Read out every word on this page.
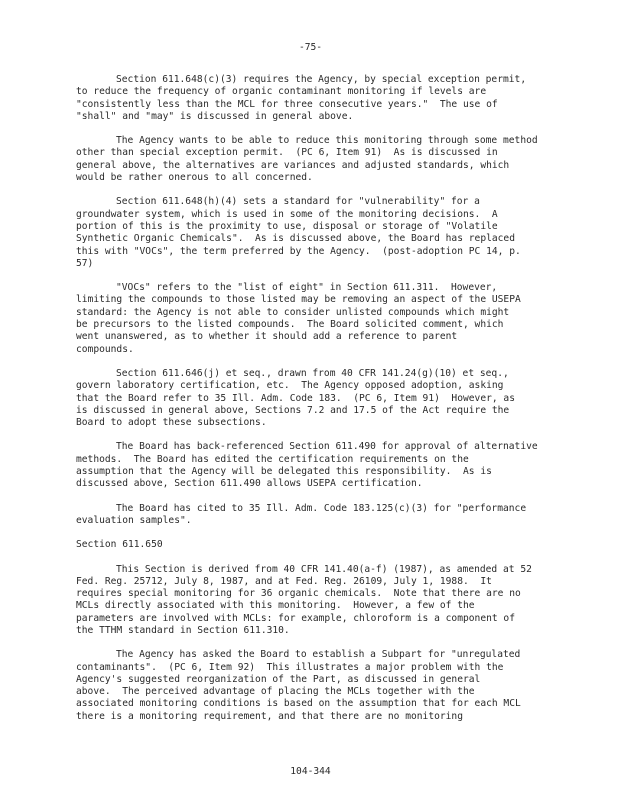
-75-
Section 611.648(c)(3) requires the Agency, by special exception permit,
to reduce the frequency of organic contaminant monitoring if levels are
"consistently less than the MCL for three consecutive years."  The use of
"shall" and "may" is discussed in general above.
The Agency wants to be able to reduce this monitoring through some method
other than special exception permit.  (PC 6, Item 91)  As is discussed in
general above, the alternatives are variances and adjusted standards, which
would be rather onerous to all concerned.
Section 611.648(h)(4) sets a standard for "vulnerability" for a
groundwater system, which is used in some of the monitoring decisions.  A
portion of this is the proximity to use, disposal or storage of "Volatile
Synthetic Organic Chemicals".  As is discussed above, the Board has replaced
this with "VOCs", the term preferred by the Agency.  (post-adoption PC 14, p.
57)
"VOCs" refers to the "list of eight" in Section 611.311.  However,
limiting the compounds to those listed may be removing an aspect of the USEPA
standard: the Agency is not able to consider unlisted compounds which might
be precursors to the listed compounds.  The Board solicited comment, which
went unanswered, as to whether it should add a reference to parent
compounds.
Section 611.646(j) et seq., drawn from 40 CFR 141.24(g)(10) et seq.,
govern laboratory certification, etc.  The Agency opposed adoption, asking
that the Board refer to 35 Ill. Adm. Code 183.  (PC 6, Item 91)  However, as
is discussed in general above, Sections 7.2 and 17.5 of the Act require the
Board to adopt these subsections.
The Board has back-referenced Section 611.490 for approval of alternative
methods.  The Board has edited the certification requirements on the
assumption that the Agency will be delegated this responsibility.  As is
discussed above, Section 611.490 allows USEPA certification.
The Board has cited to 35 Ill. Adm. Code 183.125(c)(3) for "performance
evaluation samples".
Section 611.650
This Section is derived from 40 CFR 141.40(a-f) (1987), as amended at 52
Fed. Reg. 25712, July 8, 1987, and at Fed. Reg. 26109, July 1, 1988.  It
requires special monitoring for 36 organic chemicals.  Note that there are no
MCLs directly associated with this monitoring.  However, a few of the
parameters are involved with MCLs: for example, chloroform is a component of
the TTHM standard in Section 611.310.
The Agency has asked the Board to establish a Subpart for "unregulated
contaminants".  (PC 6, Item 92)  This illustrates a major problem with the
Agency's suggested reorganization of the Part, as discussed in general
above.  The perceived advantage of placing the MCLs together with the
associated monitoring conditions is based on the assumption that for each MCL
there is a monitoring requirement, and that there are no monitoring
104-344
